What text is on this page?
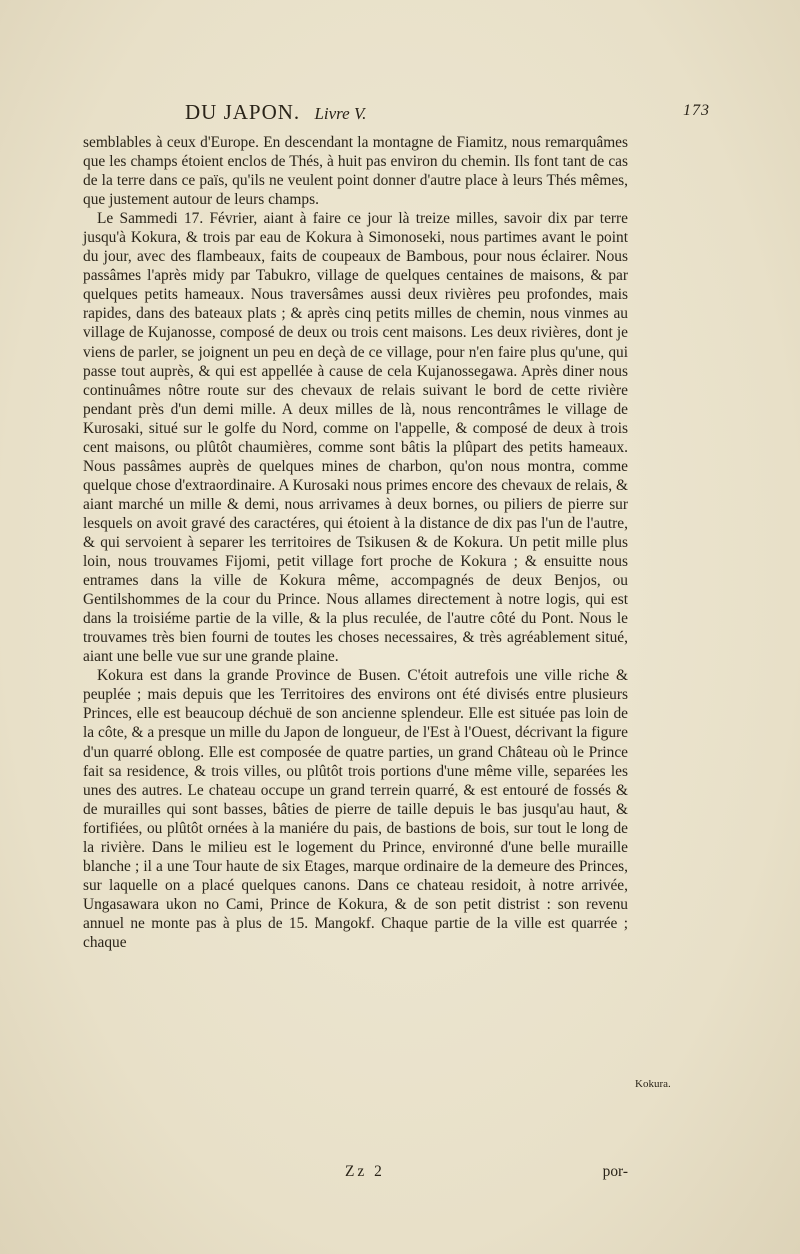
DU JAPON. Livre V.	173

semblables à ceux d'Europe. En descendant la montagne de Fiamitz, nous remarquâmes que les champs étoient enclos de Thés, à huit pas environ du chemin. Ils font tant de cas de la terre dans ce païs, qu'ils ne veulent point donner d'autre place à leurs Thés mêmes, que justement autour de leurs champs.

Le Sammedi 17. Février, aiant à faire ce jour là treize milles, savoir dix par terre jusqu'à Kokura, & trois par eau de Kokura à Simonoseki, nous partimes avant le point du jour, avec des flambeaux, faits de coupeaux de Bambous, pour nous éclairer. Nous passâmes l'après midy par Tabukro, village de quelques centaines de maisons, & par quelques petits hameaux. Nous traversâmes aussi deux rivières peu profondes, mais rapides, dans des bateaux plats ; & après cinq petits milles de chemin, nous vinmes au village de Kujanosse, composé de deux ou trois cent maisons. Les deux rivières, dont je viens de parler, se joignent un peu en deçà de ce village, pour n'en faire plus qu'une, qui passe tout auprès, & qui est appellée à cause de cela Kujanossegawa. Après diner nous continuâmes nôtre route sur des chevaux de relais suivant le bord de cette rivière pendant près d'un demi mille. A deux milles de là, nous rencontrâmes le village de Kurosaki, situé sur le golfe du Nord, comme on l'appelle, & composé de deux à trois cent maisons, ou plûtôt chaumières, comme sont bâtis la plûpart des petits hameaux. Nous passâmes auprès de quelques mines de charbon, qu'on nous montra, comme quelque chose d'extraordinaire. A Kurosaki nous primes encore des chevaux de relais, & aiant marché un mille & demi, nous arrivames à deux bornes, ou piliers de pierre sur lesquels on avoit gravé des caractéres, qui étoient à la distance de dix pas l'un de l'autre, & qui servoient à separer les territoires de Tsikusen & de Kokura. Un petit mille plus loin, nous trouvames Fijomi, petit village fort proche de Kokura ; & ensuitte nous entrames dans la ville de Kokura même, accompagnés de deux Benjos, ou Gentilshommes de la cour du Prince. Nous allames directement à notre logis, qui est dans la troisiéme partie de la ville, & la plus reculée, de l'autre côté du Pont. Nous le trouvames très bien fourni de toutes les choses necessaires, & très agréablement situé, aiant une belle vue sur une grande plaine.

Kokura est dans la grande Province de Busen. C'étoit autrefois une ville riche & peuplée ; mais depuis que les Territoires des environs ont été divisés entre plusieurs Princes, elle est beaucoup déchuë de son ancienne splendeur. Elle est située pas loin de la côte, & a presque un mille du Japon de longueur, de l'Est à l'Ouest, décrivant la figure d'un quarré oblong. Elle est composée de quatre parties, un grand Château où le Prince fait sa residence, & trois villes, ou plûtôt trois portions d'une même ville, separées les unes des autres. Le chateau occupe un grand terrein quarré, & est entouré de fossés & de murailles qui sont basses, bâties de pierre de taille depuis le bas jusqu'au haut, & fortifiées, ou plûtôt ornées à la maniére du pais, de bastions de bois, sur tout le long de la rivière. Dans le milieu est le logement du Prince, environné d'une belle muraille blanche ; il a une Tour haute de six Etages, marque ordinaire de la demeure des Princes, sur laquelle on a placé quelques canons. Dans ce chateau residoit, à notre arrivée, Ungasawara ukon no Cami, Prince de Kokura, & de son petit distrist : son revenu annuel ne monte pas à plus de 15. Mangokf. Chaque partie de la ville est quarrée ; chaque

Kokura.
Zz 2	por-
